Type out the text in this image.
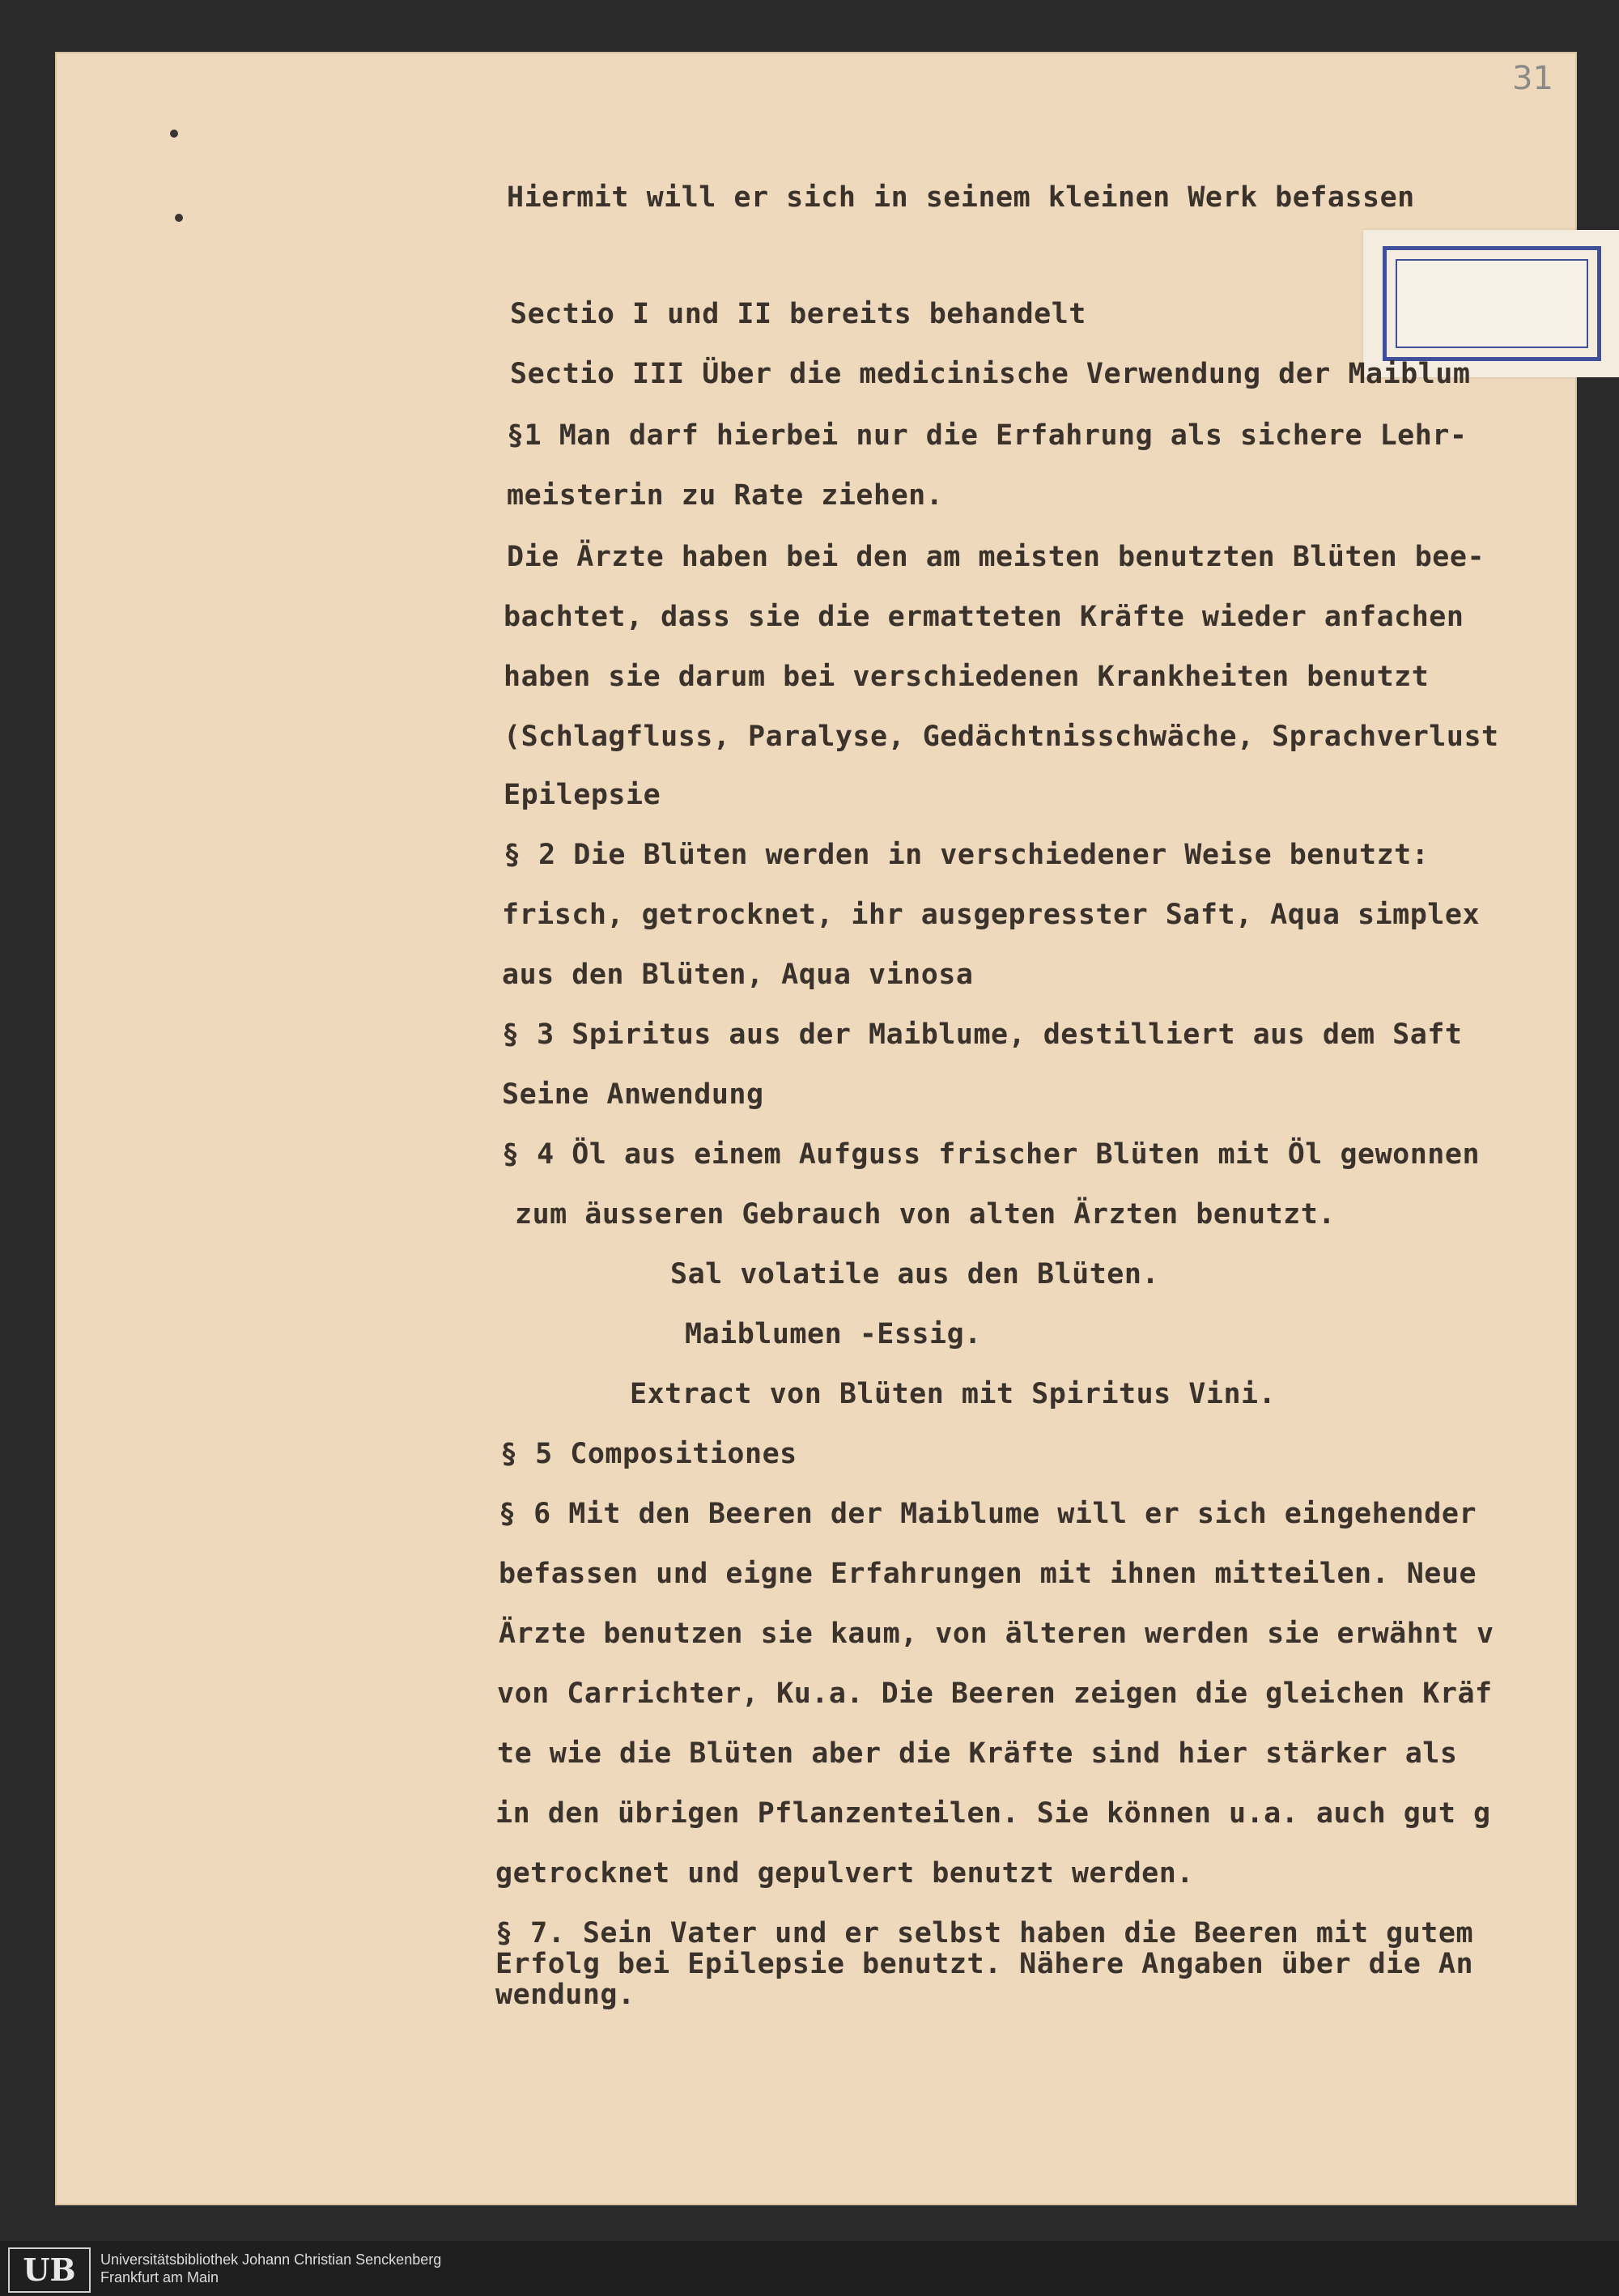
31
Hiermit will er sich in seinem kleinen Werk befassen
Sectio I und II bereits behandelt
Sectio III Über die medicinische Verwendung der Maiblum
§1 Man darf hierbei nur die Erfahrung als sichere Lehr-
meisterin zu Rate ziehen.
Die Ärzte haben bei den am meisten benutzten Blüten bee-
bachtet, dass sie die ermatteten Kräfte wieder anfachen
haben sie darum bei verschiedenen Krankheiten benutzt
(Schlagfluss, Paralyse, Gedächtnisschwäche, Sprachverlust
Epilepsie
§ 2 Die Blüten werden in verschiedener Weise benutzt:
frisch, getrocknet, ihr ausgepresster Saft, Aqua simplex
aus den Blüten, Aqua vinosa
§ 3 Spiritus aus der Maiblume, destilliert aus dem Saft
Seine Anwendung
§ 4 Öl aus einem Aufguss frischer Blüten mit Öl gewonnen
zum äusseren Gebrauch von alten Ärzten benutzt.
Sal volatile aus den Blüten.
Maiblumen -Essig.
Extract von Blüten mit Spiritus Vini.
§ 5 Compositiones
§ 6 Mit den Beeren der Maiblume will er sich eingehender
befassen und eigne Erfahrungen mit ihnen mitteilen. Neue
Ärzte benutzen sie kaum, von älteren werden sie erwähnt v
von Carrichter, Ku.a. Die Beeren zeigen die gleichen Kräf
te wie die Blüten aber die Kräfte sind hier stärker als
in den übrigen Pflanzenteilen. Sie können u.a. auch gut g
getrocknet und gepulvert benutzt werden.
§ 7. Sein Vater und er selbst haben die Beeren mit gutem
Erfolg bei Epilepsie benutzt. Nähere Angaben über die An
wendung.
UB	Universitätsbibliothek Johann Christian Senckenberg
Frankfurt am Main
